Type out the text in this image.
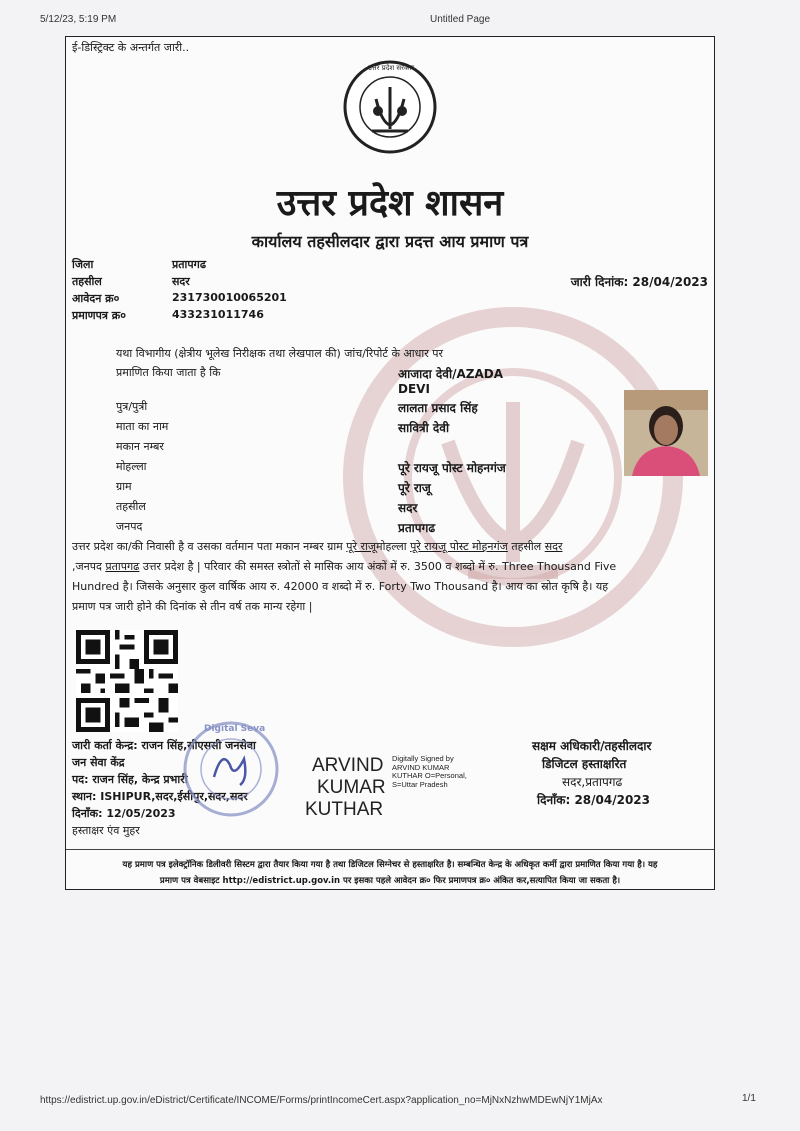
5/12/23, 5:19 PM	Untitled Page
ई-डिस्ट्रिक्ट के अन्तर्गत जारी..
उत्तर प्रदेश सरकार
उत्तर प्रदेश शासन
कार्यालय तहसीलदार द्वारा प्रदत्त आय प्रमाण पत्र
जिला	प्रतापगढ
तहसील	सदर
आवेदन क्र०	231730010065201
प्रमाणपत्र क्र०	433231011746
जारी दिनांक: 28/04/2023
यथा विभागीय (क्षेत्रीय भूलेख निरीक्षक तथा लेखपाल की) जांच/रिपोर्ट के आधार पर
प्रमाणित किया जाता है कि	आजादा देवी/AZADA
DEVI
पुत्र/पुत्री	लालता प्रसाद सिंह
माता का नाम	सावित्री देवी
मकान नम्बर
मोहल्ला	पूरे रायजू पोस्ट मोहनगंज
ग्राम	पूरे राजू
तहसील	सदर
जनपद	प्रतापगढ
उत्तर प्रदेश का/की निवासी है व उसका वर्तमान पता मकान नम्बर ग्राम पूरे राजूमोहल्ला पूरे रायजू पोस्ट मोहनगंज तहसील सदर
,जनपद प्रतापगढ उत्तर प्रदेश है | परिवार की समस्त स्त्रोतों से मासिक आय अंकों में रु. 3500 व शब्दो में रु. Three Thousand Five
Hundred है। जिसके अनुसार कुल वार्षिक आय रु. 42000 व शब्दो में रु. Forty Two Thousand है। आय का स्रोत कृषि है। यह
प्रमाण पत्र जारी होने की दिनांक से तीन वर्ष तक मान्य रहेगा |
जारी कर्ता केन्द्र: राजन सिंह,सीएससी जनसेवा
जन सेवा केंद्र
पद: राजन सिंह, केन्द्र प्रभारी
स्थान: ISHIPUR,सदर,ईसीपुर,सदर,सदर
दिनाँक: 12/05/2023
हस्ताक्षर एंव मुहर
Digital Seva
ARVIND
KUMAR
KUTHAR
Digitally Signed by
ARVIND KUMAR
KUTHAR O=Personal,
S=Uttar Pradesh
सक्षम अधिकारी/तहसीलदार
डिजिटल हस्ताक्षरित
सदर,प्रतापगढ
दिनाँक: 28/04/2023
यह प्रमाण पत्र इलेक्ट्रॉनिक डिलीवरी सिस्टम द्वारा तैयार किया गया है तथा डिजिटल सिग्नेचर से हस्ताक्षरित है। सम्बन्धित केन्द्र के अधिकृत कर्मी द्वारा प्रमाणित किया गया है। यह
प्रमाण पत्र वेबसाइट http://edistrict.up.gov.in पर इसका पहले आवेदन क्र० फिर प्रमाणपत्र क्र० अंकित कर,सत्यापित किया जा सकता है।
https://edistrict.up.gov.in/eDistrict/Certificate/INCOME/Forms/printIncomeCert.aspx?application_no=MjNxNzhwMDEwNjY1MjAx	1/1
